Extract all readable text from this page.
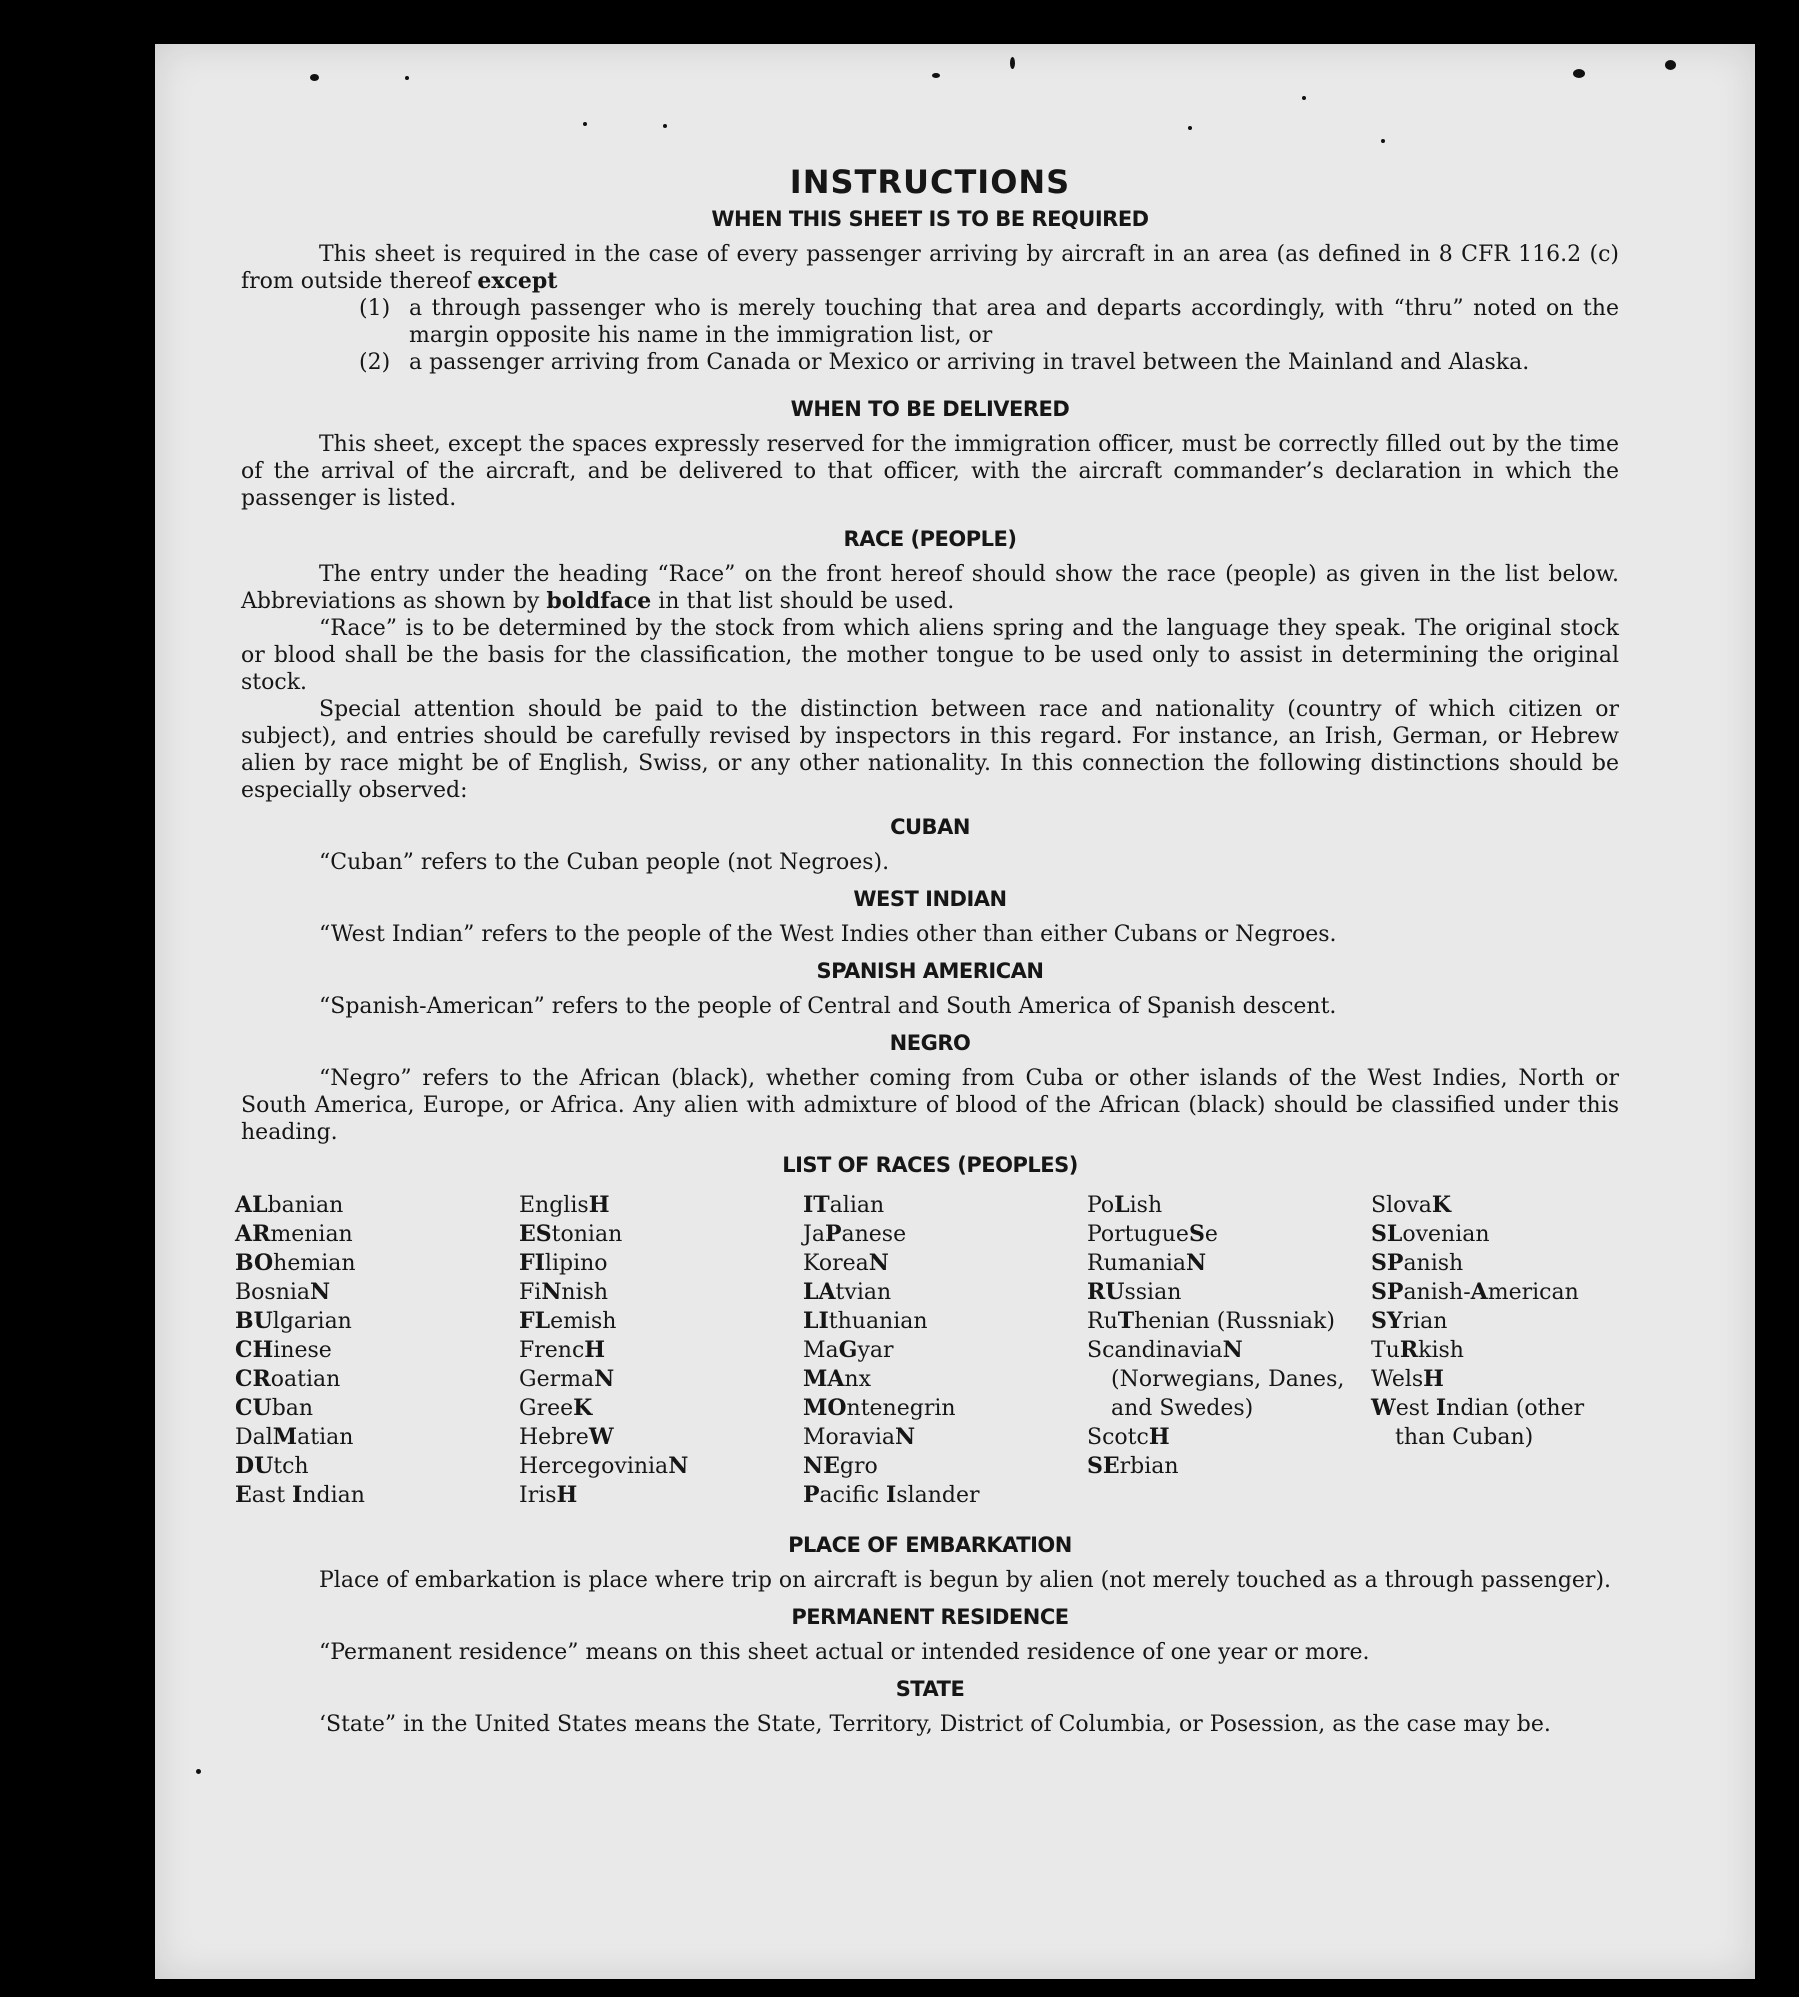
INSTRUCTIONS
WHEN THIS SHEET IS TO BE REQUIRED

This sheet is required in the case of every passenger arriving by aircraft in an area (as defined in 8 CFR 116.2 (c) from outside thereof except

(1) a through passenger who is merely touching that area and departs accordingly, with “thru” noted on the margin opposite his name in the immigration list, or
(2) a passenger arriving from Canada or Mexico or arriving in travel between the Mainland and Alaska.
WHEN TO BE DELIVERED

This sheet, except the spaces expressly reserved for the immigration officer, must be correctly filled out by the time of the arrival of the aircraft, and be delivered to that officer, with the aircraft commander’s declaration in which the passenger is listed.

RACE (PEOPLE)

The entry under the heading “Race” on the front hereof should show the race (people) as given in the list below. Abbreviations as shown by boldface in that list should be used.

“Race” is to be determined by the stock from which aliens spring and the language they speak. The original stock or blood shall be the basis for the classification, the mother tongue to be used only to assist in determining the original stock.

Special attention should be paid to the distinction between race and nationality (country of which citizen or subject), and entries should be carefully revised by inspectors in this regard. For instance, an Irish, German, or Hebrew alien by race might be of English, Swiss, or any other nationality. In this connection the following distinctions should be especially observed:

CUBAN

“Cuban” refers to the Cuban people (not Negroes).

WEST INDIAN

“West Indian” refers to the people of the West Indies other than either Cubans or Negroes.

SPANISH AMERICAN

“Spanish-American” refers to the people of Central and South America of Spanish descent.

NEGRO

“Negro” refers to the African (black), whether coming from Cuba or other islands of the West Indies, North or South America, Europe, or Africa. Any alien with admixture of blood of the African (black) should be classified under this heading.

LIST OF RACES (PEOPLES)
ALbanian
ARmenian
BOhemian
BosniaN
BUlgarian
CHinese
CRoatian
CUban
DalMatian
DUtch
East Indian
EnglisH
EStonian
FIlipino
FiNnish
FLemish
FrencH
GermaN
GreeK
HebreW
HercegoviniaN
IrisH
ITalian
JaPanese
KoreaN
LAtvian
LIthuanian
MaGyar
MAnx
MOntenegrin
MoraviaN
NEgro
Pacific Islander
PoLish
PortugueSe
RumaniaN
RUssian
RuThenian (Russniak)
ScandinaviaN (Norwegians, Danes, and Swedes)
ScotcH
SErbian
SlovaK
SLovenian
SPanish
SPanish-American
SYrian
TuRkish
WelsH
West Indian (other than Cuban)
PLACE OF EMBARKATION

Place of embarkation is place where trip on aircraft is begun by alien (not merely touched as a through passenger).

PERMANENT RESIDENCE

“Permanent residence” means on this sheet actual or intended residence of one year or more.

STATE

‘State” in the United States means the State, Territory, District of Columbia, or Posession, as the case may be.
